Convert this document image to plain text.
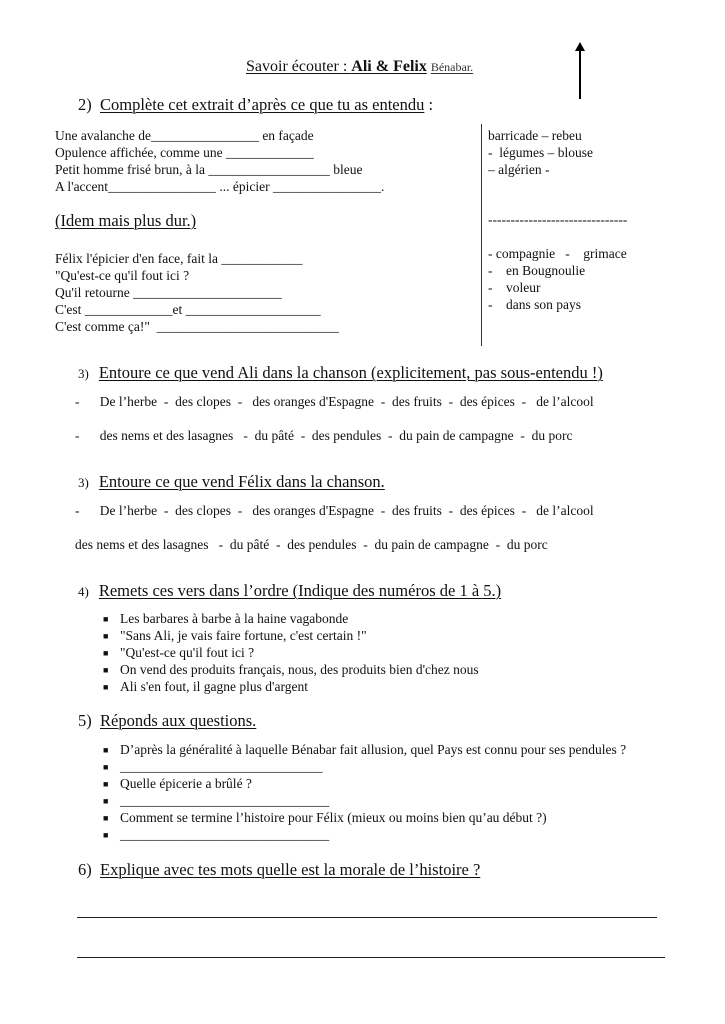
Savoir écouter : Ali & Felix Bénabar.
2) Complète cet extrait d’après ce que tu as entendu :
Une avalanche de________________ en façade
Opulence affichée, comme une _____________
Petit homme frisé brun, à la __________________ bleue
A l'accent________________ ... épicier ________________.
barricade – rebeu
-  légumes – blouse
– algérien -
(Idem mais plus dur.)	-------------------------------
Félix l'épicier d'en face, fait la ____________
"Qu'est-ce qu'il fout ici ?
Qu'il retourne ______________________
C'est _____________et ____________________
C'est comme ça!"  ___________________________
- compagnie   -    grimace
-    en Bougnoulie
-    voleur
-    dans son pays
3) Entoure ce que vend Ali dans la chanson (explicitement, pas sous-entendu !)
-      De l’herbe  -  des clopes  -   des oranges d'Espagne  -  des fruits  -  des épices  -   de l’alcool
-      des nems et des lasagnes   -  du pâté  -  des pendules  -  du pain de campagne  -  du porc
3) Entoure ce que vend Félix dans la chanson.
-      De l’herbe  -  des clopes  -   des oranges d'Espagne  -  des fruits  -  des épices  -   de l’alcool
des nems et des lasagnes   -  du pâté  -  des pendules  -  du pain de campagne  -  du porc
4) Remets ces vers dans l’ordre (Indique des numéros de 1 à 5.)
■ Les barbares à barbe à la haine vagabonde
■ "Sans Ali, je vais faire fortune, c'est certain !"
■ "Qu'est-ce qu'il fout ici ?
■ On vend des produits français, nous, des produits bien d'chez nous
■ Ali s'en fout, il gagne plus d'argent
5) Réponds aux questions.
■ D’après la généralité à laquelle Bénabar fait allusion, quel Pays est connu pour ses pendules ?
■ ______________________________
■ Quelle épicerie a brûlé ?
■ _______________________________
■ Comment se termine l’histoire pour Félix (mieux ou moins bien qu’au début ?)
■ _______________________________
6) Explique avec tes mots quelle est la morale de l’histoire ?
